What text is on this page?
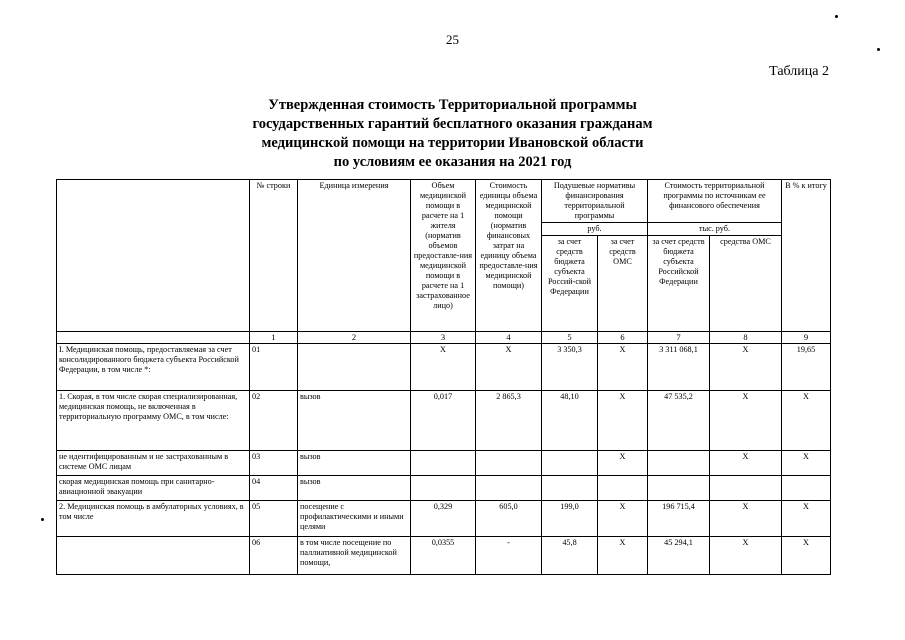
25
Таблица 2
Утвержденная стоимость Территориальной программы
государственных гарантий бесплатного оказания гражданам
медицинской помощи на территории Ивановской области
по условиям ее оказания на 2021 год
	№ строки	Единица измерения	Объем медицинской помощи в расчете на 1 жителя (норматив объемов предоставле-ния медицинской помощи в расчете на 1 застрахованное лицо)	Стоимость единицы объема медицинской помощи (норматив финансовых затрат на единицу объема предоставле-ния медицинской помощи)	Подушевые нормативы финансирования территориальной программы		Стоимость территориальной программы по источникам ее финансового обеспечения		В % к итогу
					руб.		тыс. руб.		
					за счет средств бюджета субъекта Россий-ской Федерации	за счет средств ОМС	за счет средств бюджета субъекта Российской Федерации	средства ОМС	
	1	2	3	4	5	6	7	8	9
I. Медицинская помощь, предоставляемая за счет консолидированного бюджета субъекта Российской Федерации, в том числе *:	01		X	X	3 350,3	X	3 311 068,1	X	19,65
1. Скорая, в том числе скорая специализированная, медицинская помощь, не включенная в территориальную программу ОМС, в том числе:	02	вызов	0,017	2 865,3	48,10	X	47 535,2	X	X
не идентифицированным и не застрахованным в системе ОМС лицам	03	вызов				X		X	X
скорая медицинская помощь при санитарно-авиационной эвакуации	04	вызов							
2. Медицинская помощь в амбулаторных условиях, в том числе	05	посещение с профилактическими и иными целями	0,329	605,0	199,0	X	196 715,4	X	X
	06	в том числе посещение по паллиативной медицинской помощи,	0,0355	-	45,8	X	45 294,1	X	X
